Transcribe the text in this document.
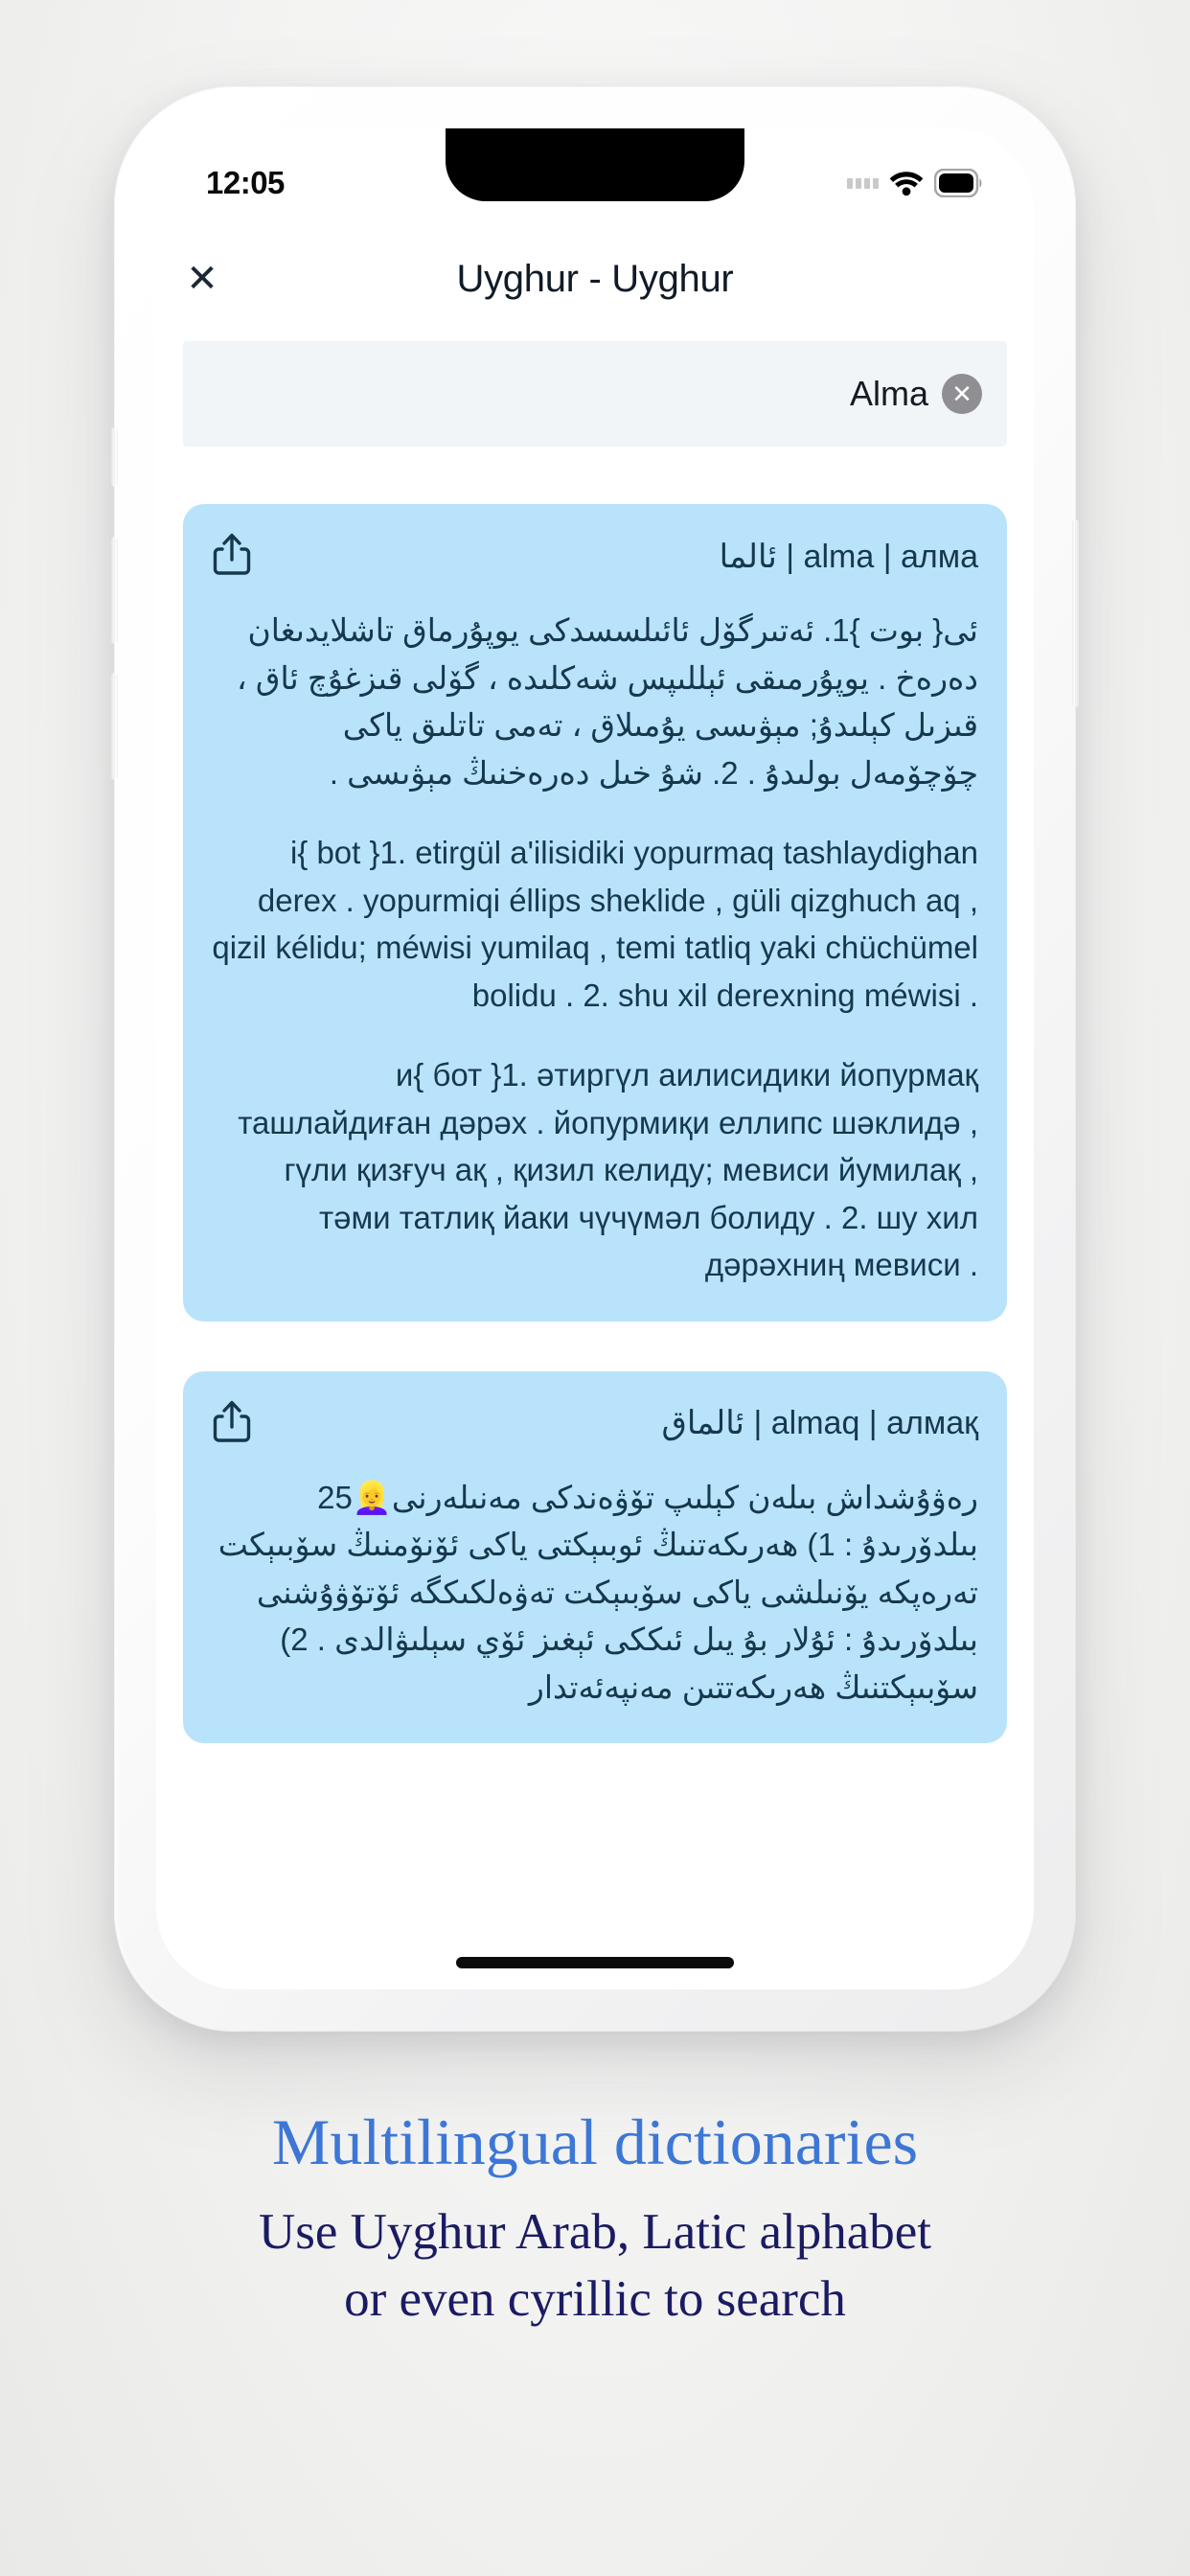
12:05
✕	Uyghur - Uyghur
Alma ✕
alma | алма | ئالما
ئى{ بوت }1. ئەتىرگۆل ئائىلسسدكى يوپۇرماق تاشلايدىغان دەرەخ . يوپۇرمىقى ئېللىپس شەكلىدە ، گۆلى قىزغۇچ ئاق ، قىزىل كېلىدۇ; مېۋىسى يۇمىلاق ، تەمى تاتلىق ياكى چۆچۆمەل بولىدۇ . 2. شۇ خىل دەرەخنىڭ مېۋىسى .
i{ bot }1. etirgül a'ilisidiki yopurmaq tashlaydighan derex . yopurmiqi éllips sheklide , güli qizghuch aq , qizil kélidu; méwisi yumilaq , temi tatliq yaki chüchümel bolidu . 2. shu xil derexning méwisi .
и{ бот }1. әтиргүл аилисидики йопурмақ ташлайдиған дәрәх . йопурмиқи еллипс шәклидә , гүли қизғуч ақ , қизил келиду; мевиси йумилақ , тәми татлиқ йаки чүчүмәл болиду . 2. шу хил дәрәхниң мевиси .
almaq | алмақ | ئالماق
رەۋۇشداش بىلەن كېلىپ تۆۋەندكى مەنىلەرنى👱‍♀️25 بىلدۆرىدۇ : 1) ھەرىكەتنىڭ ئوبىېكتى ياكى ئۆنۆمنىڭ سۆبىېكت تەرەپكە يۆنىلشى ياكى سۆبىېكت تەۋەلكىكگە ئۆتۆۋۇشنى بىلدۆرىدۇ : ئۇلار بۇ يىل ئىككى ئېغىز ئۆي سېلىۋالدى . 2) سۆبىېكتنىڭ ھەرىكەتتىن مەنپەئەتدار
Multilingual dictionaries
Use Uyghur Arab, Latic alphabet
or even cyrillic to search
